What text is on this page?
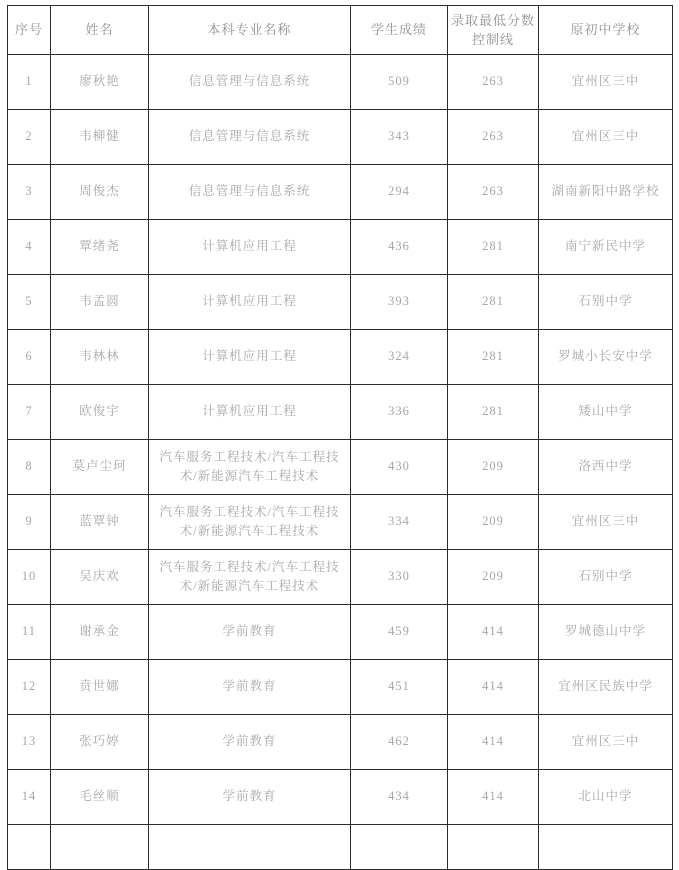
序号	姓名	本科专业名称	学生成绩	录取最低分数控制线	原初中学校
1	廖秋艳	信息管理与信息系统	509	263	宜州区三中
2	韦柳健	信息管理与信息系统	343	263	宜州区三中
3	周俊杰	信息管理与信息系统	294	263	湖南新阳中路学校
4	覃绪尧	计算机应用工程	436	281	南宁新民中学
5	韦孟圆	计算机应用工程	393	281	石别中学
6	韦林林	计算机应用工程	324	281	罗城小长安中学
7	欧俊宇	计算机应用工程	336	281	矮山中学
8	莫卢尘珂	汽车服务工程技术/汽车工程技术/新能源汽车工程技术	430	209	洛西中学
9	蓝覃钟	汽车服务工程技术/汽车工程技术/新能源汽车工程技术	334	209	宜州区三中
10	吴庆欢	汽车服务工程技术/汽车工程技术/新能源汽车工程技术	330	209	石别中学
11	谢承金	学前教育	459	414	罗城德山中学
12	贲世娜	学前教育	451	414	宜州区民族中学
13	张巧婷	学前教育	462	414	宜州区三中
14	毛丝顺	学前教育	434	414	北山中学
